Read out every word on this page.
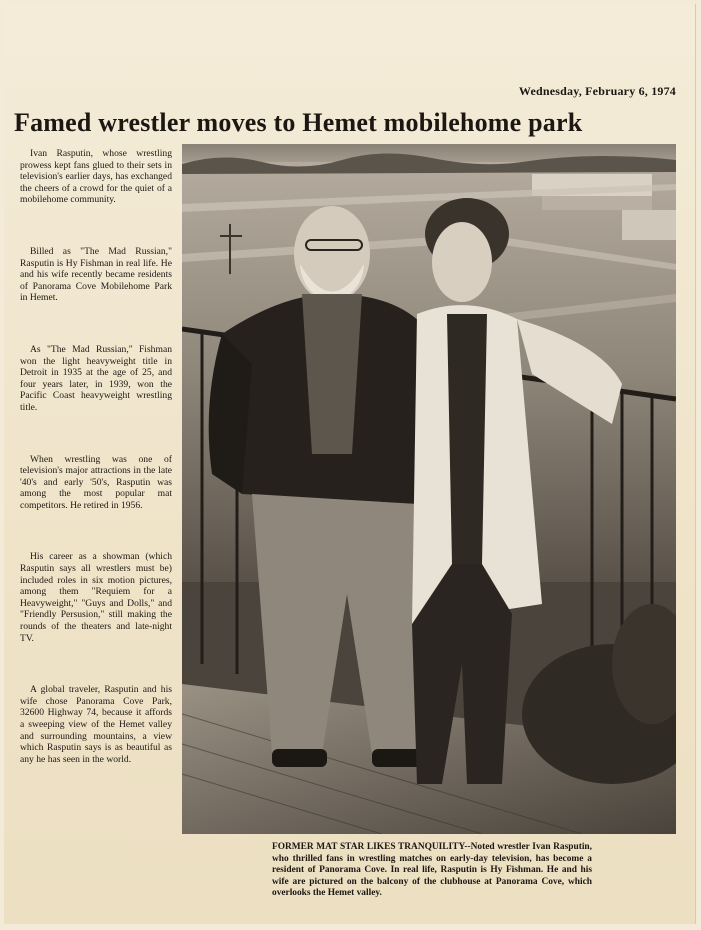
Wednesday, February 6, 1974
Famed wrestler moves to Hemet mobilehome park

Ivan Rasputin, whose wrestling prowess kept fans glued to their sets in television's earlier days, has exchanged the cheers of a crowd for the quiet of a mobilehome community.

Billed as "The Mad Russian," Rasputin is Hy Fishman in real life. He and his wife recently became residents of Panorama Cove Mobilehome Park in Hemet.

As "The Mad Russian," Fishman won the light heavyweight title in Detroit in 1935 at the age of 25, and four years later, in 1939, won the Pacific Coast heavyweight wrestling title.

When wrestling was one of television's major attractions in the late '40's and early '50's, Rasputin was among the most popular mat competitors. He retired in 1956.

His career as a showman (which Rasputin says all wrestlers must be) included roles in six motion pictures, among them "Requiem for a Heavyweight," "Guys and Dolls," and "Friendly Persusion," still making the rounds of the theaters and late-night TV.

A global traveler, Rasputin and his wife chose Panorama Cove Park, 32600 Highway 74, because it affords a sweeping view of the Hemet valley and surrounding mountains, a view which Rasputin says is as beautiful as any he has seen in the world.

FORMER MAT STAR LIKES TRANQUILITY--Noted wrestler Ivan Rasputin, who thrilled fans in wrestling matches on early-day television, has become a resident of Panorama Cove. In real life, Rasputin is Hy Fishman. He and his wife are pictured on the balcony of the clubhouse at Panorama Cove, which overlooks the Hemet valley.
